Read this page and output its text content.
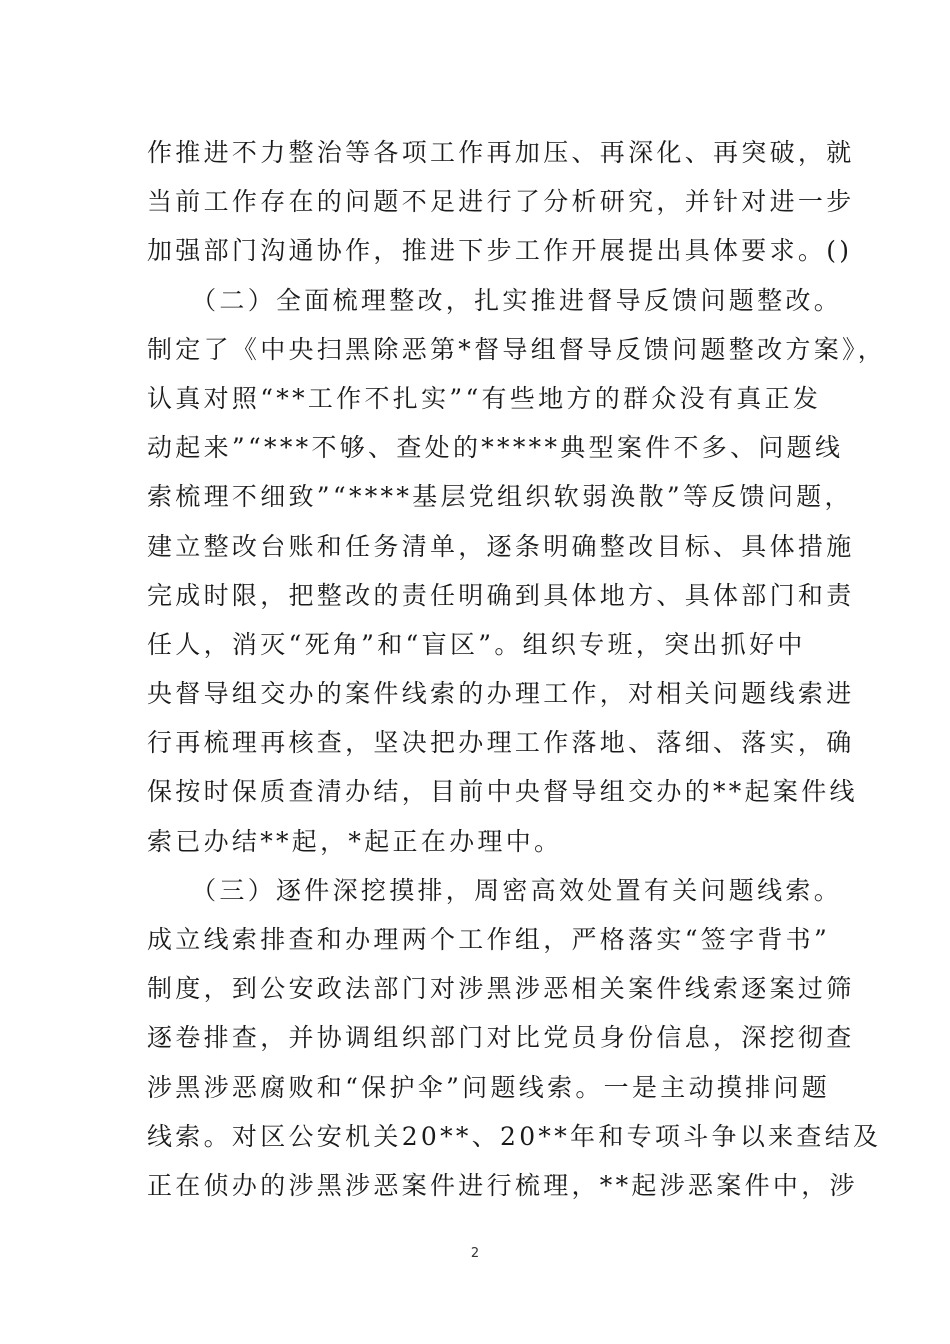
作推进不力整治等各项工作再加压、再深化、再突破，就
当前工作存在的问题不足进行了分析研究，并针对进一步
加强部门沟通协作，推进下步工作开展提出具体要求。()
　　（二）全面梳理整改，扎实推进督导反馈问题整改。
制定了《中央扫黑除恶第*督导组督导反馈问题整改方案》，
认真对照“**工作不扎实”“有些地方的群众没有真正发
动起来”“***不够、查处的*****典型案件不多、问题线
索梳理不细致”“****基层党组织软弱涣散”等反馈问题，
建立整改台账和任务清单，逐条明确整改目标、具体措施
完成时限，把整改的责任明确到具体地方、具体部门和责
任人，消灭“死角”和“盲区”。组织专班，突出抓好中
央督导组交办的案件线索的办理工作，对相关问题线索进
行再梳理再核查，坚决把办理工作落地、落细、落实，确
保按时保质查清办结，目前中央督导组交办的**起案件线
索已办结**起，*起正在办理中。
　　（三）逐件深挖摸排，周密高效处置有关问题线索。
成立线索排查和办理两个工作组，严格落实“签字背书”
制度，到公安政法部门对涉黑涉恶相关案件线索逐案过筛
逐卷排查，并协调组织部门对比党员身份信息，深挖彻查
涉黑涉恶腐败和“保护伞”问题线索。一是主动摸排问题
线索。对区公安机关20**、20**年和专项斗争以来查结及
正在侦办的涉黑涉恶案件进行梳理，**起涉恶案件中，涉
2
